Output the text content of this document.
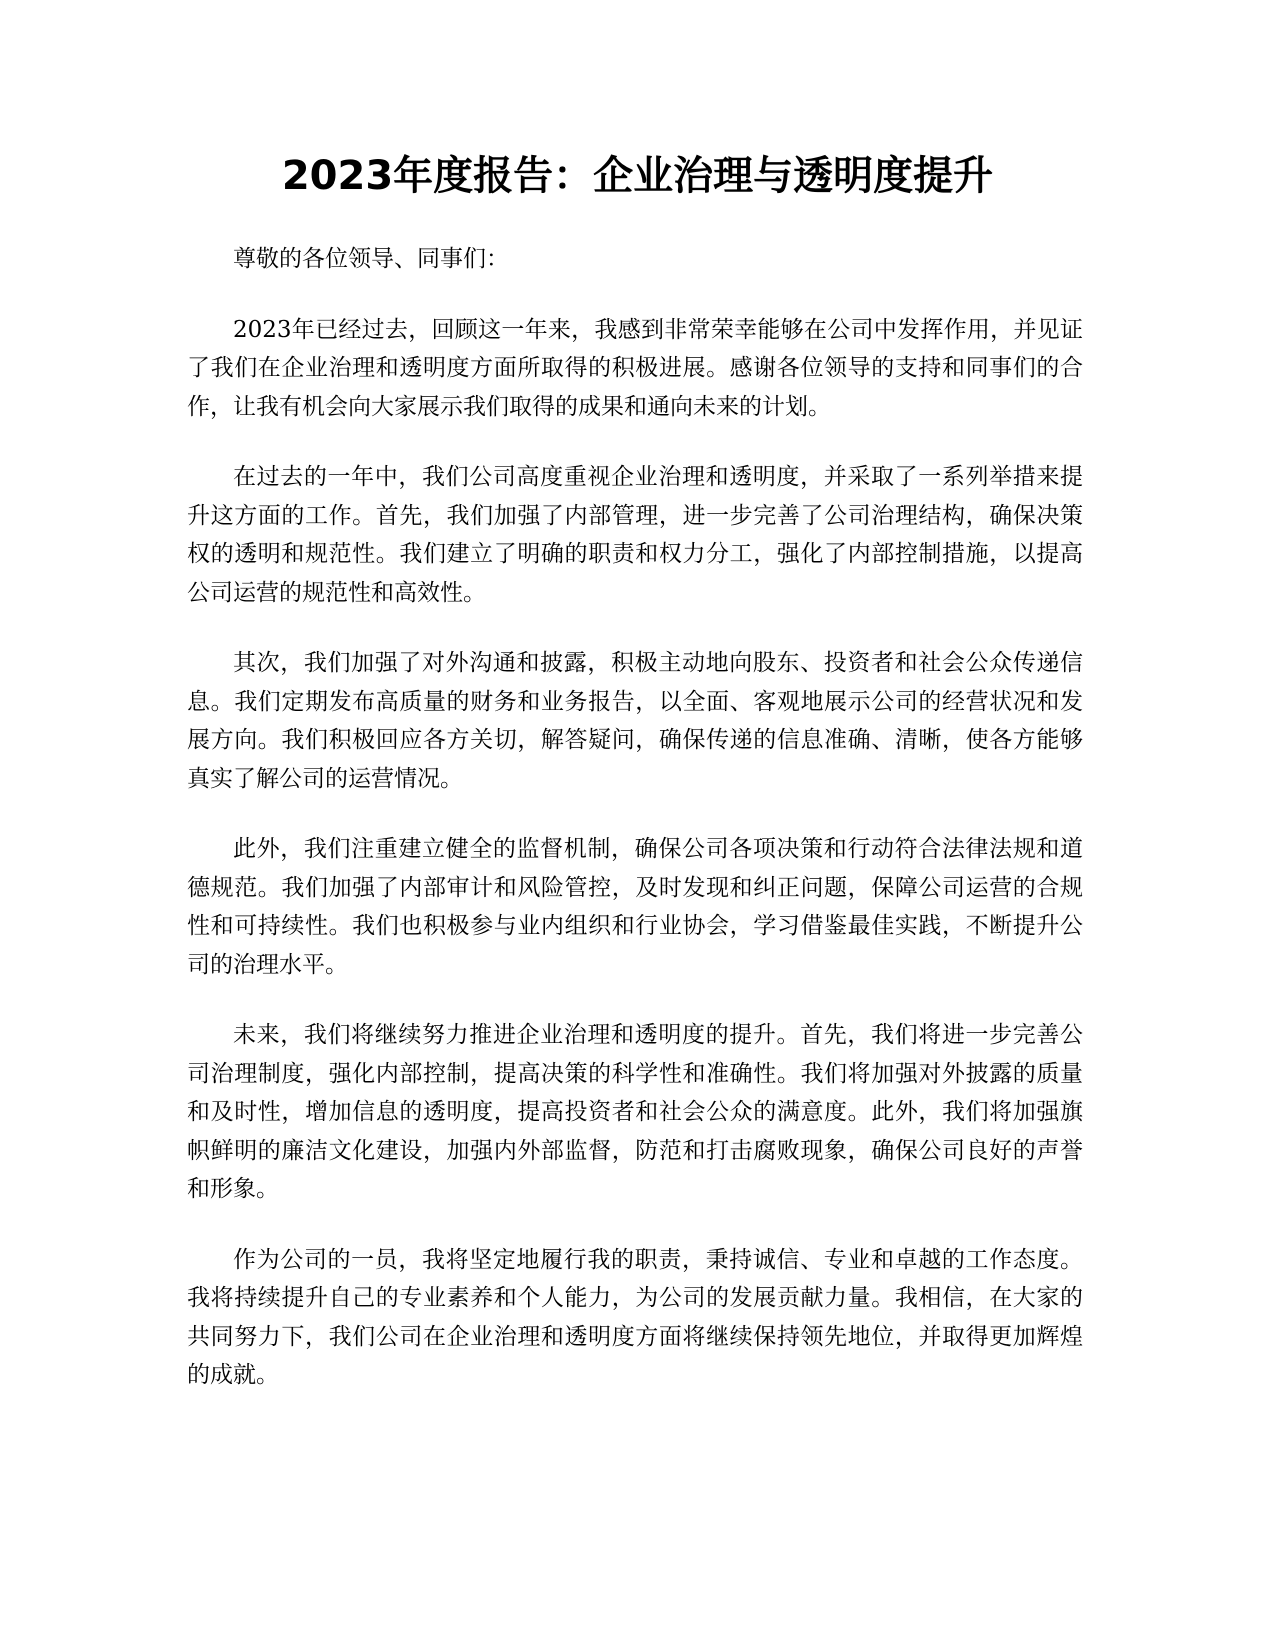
2023年度报告：企业治理与透明度提升

尊敬的各位领导、同事们：

2023年已经过去，回顾这一年来，我感到非常荣幸能够在公司中发挥作用，并见证了我们在企业治理和透明度方面所取得的积极进展。感谢各位领导的支持和同事们的合作，让我有机会向大家展示我们取得的成果和通向未来的计划。

在过去的一年中，我们公司高度重视企业治理和透明度，并采取了一系列举措来提升这方面的工作。首先，我们加强了内部管理，进一步完善了公司治理结构，确保决策权的透明和规范性。我们建立了明确的职责和权力分工，强化了内部控制措施，以提高公司运营的规范性和高效性。

其次，我们加强了对外沟通和披露，积极主动地向股东、投资者和社会公众传递信息。我们定期发布高质量的财务和业务报告，以全面、客观地展示公司的经营状况和发展方向。我们积极回应各方关切，解答疑问，确保传递的信息准确、清晰，使各方能够真实了解公司的运营情况。

此外，我们注重建立健全的监督机制，确保公司各项决策和行动符合法律法规和道德规范。我们加强了内部审计和风险管控，及时发现和纠正问题，保障公司运营的合规性和可持续性。我们也积极参与业内组织和行业协会，学习借鉴最佳实践，不断提升公司的治理水平。

未来，我们将继续努力推进企业治理和透明度的提升。首先，我们将进一步完善公司治理制度，强化内部控制，提高决策的科学性和准确性。我们将加强对外披露的质量和及时性，增加信息的透明度，提高投资者和社会公众的满意度。此外，我们将加强旗帜鲜明的廉洁文化建设，加强内外部监督，防范和打击腐败现象，确保公司良好的声誉和形象。

作为公司的一员，我将坚定地履行我的职责，秉持诚信、专业和卓越的工作态度。我将持续提升自己的专业素养和个人能力，为公司的发展贡献力量。我相信，在大家的共同努力下，我们公司在企业治理和透明度方面将继续保持领先地位，并取得更加辉煌的成就。
